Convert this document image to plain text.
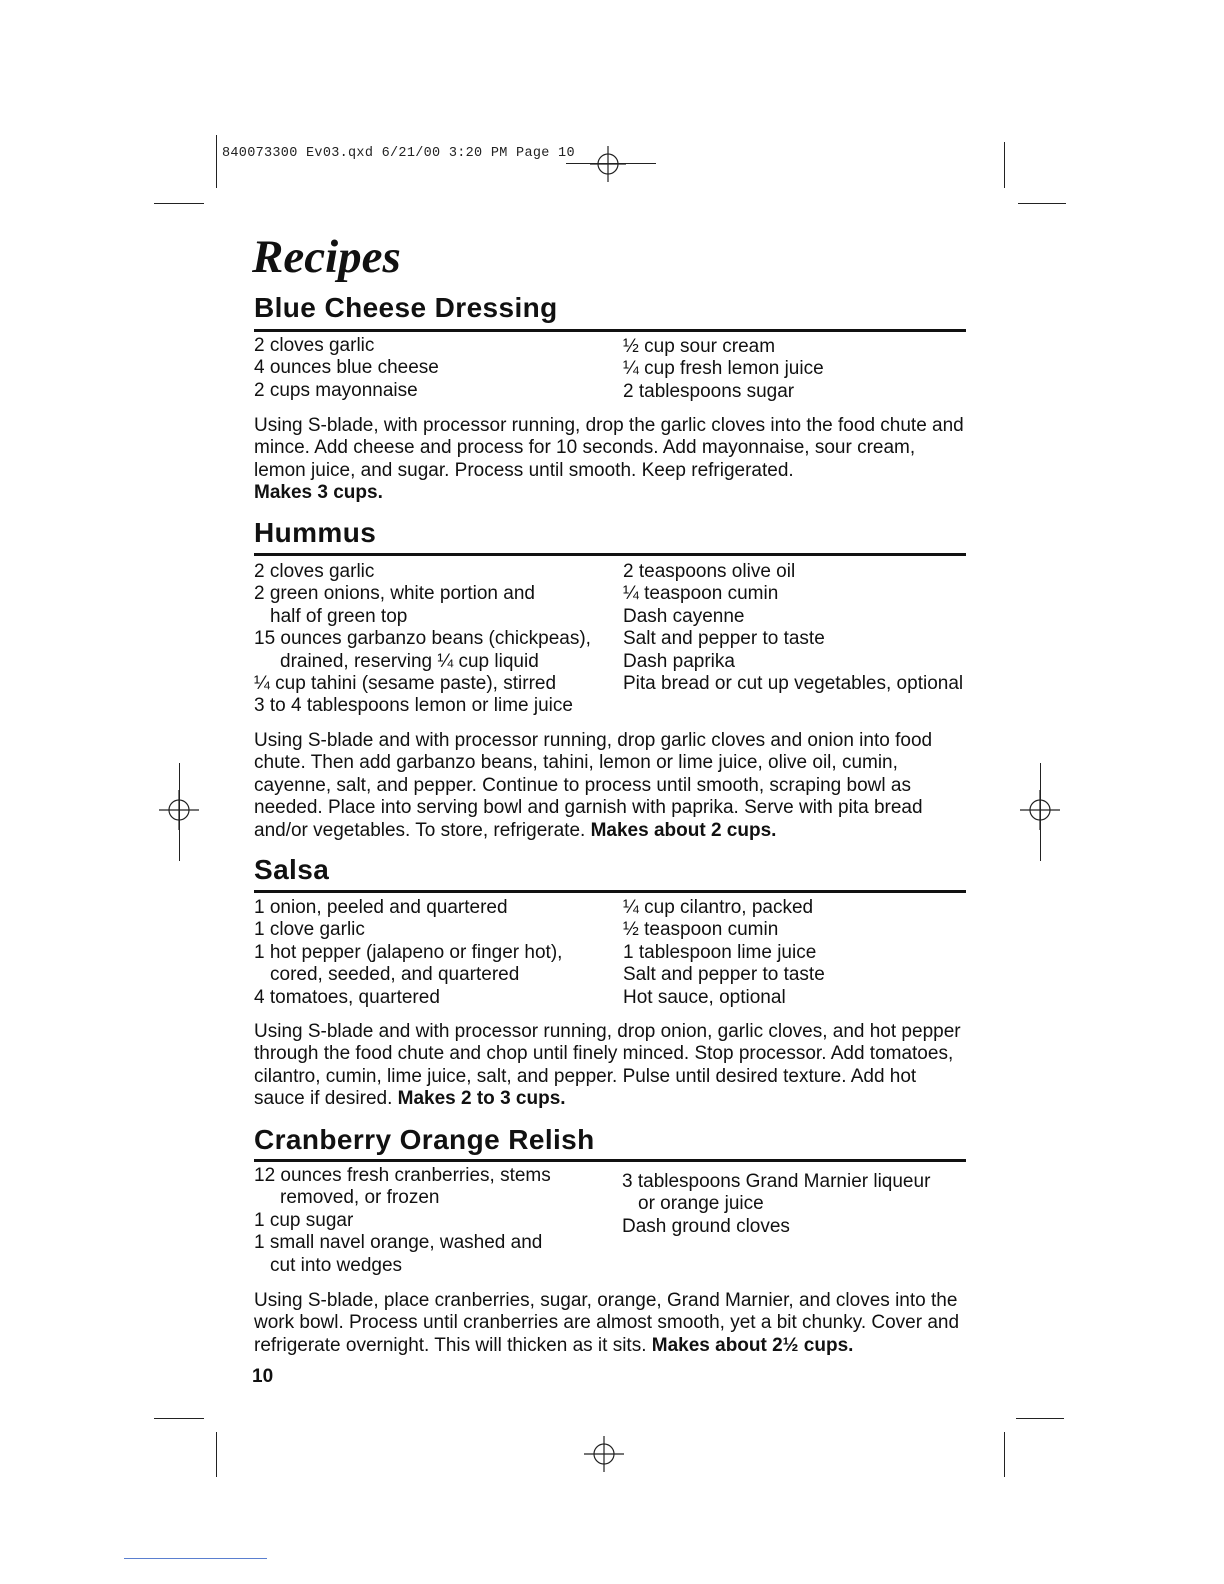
840073300 Ev03.qxd 6/21/00 3:20 PM Page 10
Recipes
Blue Cheese Dressing
2 cloves garlic
4 ounces blue cheese
2 cups mayonnaise
½ cup sour cream
¼ cup fresh lemon juice
2 tablespoons sugar
Using S-blade, with processor running, drop the garlic cloves into the food chute and mince. Add cheese and process for 10 seconds. Add mayonnaise, sour cream, lemon juice, and sugar. Process until smooth. Keep refrigerated.
Makes 3 cups.
Hummus
2 cloves garlic
2 green onions, white portion and
half of green top
15 ounces garbanzo beans (chickpeas),
drained, reserving ¼ cup liquid
¼ cup tahini (sesame paste), stirred
3 to 4 tablespoons lemon or lime juice
2 teaspoons olive oil
¼ teaspoon cumin
Dash cayenne
Salt and pepper to taste
Dash paprika
Pita bread or cut up vegetables, optional
Using S-blade and with processor running, drop garlic cloves and onion into food chute. Then add garbanzo beans, tahini, lemon or lime juice, olive oil, cumin, cayenne, salt, and pepper. Continue to process until smooth, scraping bowl as needed. Place into serving bowl and garnish with paprika. Serve with pita bread and/or vegetables. To store, refrigerate. Makes about 2 cups.
Salsa
1 onion, peeled and quartered
1 clove garlic
1 hot pepper (jalapeno or finger hot),
cored, seeded, and quartered
4 tomatoes, quartered
¼ cup cilantro, packed
½ teaspoon cumin
1 tablespoon lime juice
Salt and pepper to taste
Hot sauce, optional
Using S-blade and with processor running, drop onion, garlic cloves, and hot pepper through the food chute and chop until finely minced. Stop processor. Add tomatoes, cilantro, cumin, lime juice, salt, and pepper. Pulse until desired texture. Add hot sauce if desired. Makes 2 to 3 cups.
Cranberry Orange Relish
12 ounces fresh cranberries, stems
removed, or frozen
1 cup sugar
1 small navel orange, washed and
cut into wedges
3 tablespoons Grand Marnier liqueur
or orange juice
Dash ground cloves
Using S-blade, place cranberries, sugar, orange, Grand Marnier, and cloves into the work bowl. Process until cranberries are almost smooth, yet a bit chunky. Cover and refrigerate overnight. This will thicken as it sits. Makes about 2½ cups.
10
